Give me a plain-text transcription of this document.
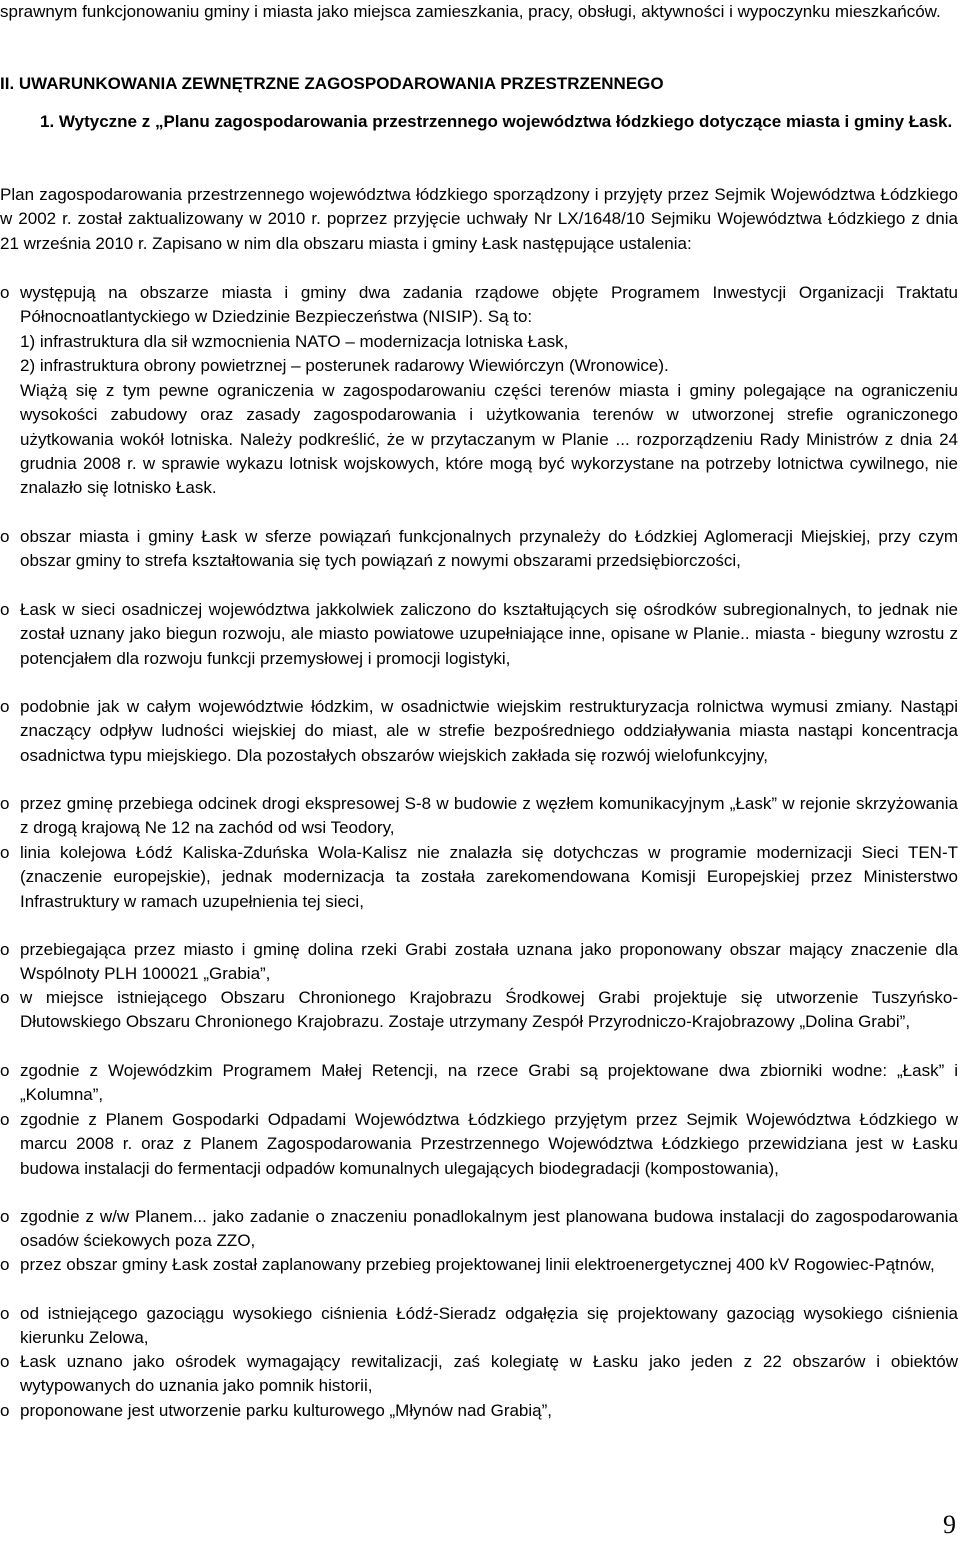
sprawnym funkcjonowaniu gminy i miasta jako miejsca zamieszkania, pracy, obsługi, aktywności i wypoczynku mieszkańców.

II. UWARUNKOWANIA ZEWNĘTRZNE ZAGOSPODAROWANIA PRZESTRZENNEGO

1. Wytyczne z „Planu zagospodarowania przestrzennego województwa łódzkiego dotyczące miasta i gminy Łask.

Plan zagospodarowania przestrzennego województwa łódzkiego sporządzony i przyjęty przez Sejmik Województwa Łódzkiego w 2002 r. został zaktualizowany w 2010 r. poprzez przyjęcie uchwały Nr LX/1648/10 Sejmiku Województwa Łódzkiego z dnia 21 września 2010 r. Zapisano w nim dla obszaru miasta i gminy Łask następujące ustalenia:

o występują na obszarze miasta i gminy dwa zadania rządowe objęte Programem Inwestycji Organizacji Traktatu Północnoatlantyckiego w Dziedzinie Bezpieczeństwa (NISIP). Są to:
1) infrastruktura dla sił wzmocnienia NATO – modernizacja lotniska Łask,
2) infrastruktura obrony powietrznej – posterunek radarowy Wiewiórczyn (Wronowice).
Wiążą się z tym pewne ograniczenia w zagospodarowaniu części terenów miasta i gminy polegające na ograniczeniu wysokości zabudowy oraz zasady zagospodarowania i użytkowania terenów w utworzonej strefie ograniczonego użytkowania wokół lotniska. Należy podkreślić, że w przytaczanym w Planie ... rozporządzeniu Rady Ministrów z dnia 24 grudnia 2008 r. w sprawie wykazu lotnisk wojskowych, które mogą być wykorzystane na potrzeby lotnictwa cywilnego, nie znalazło się lotnisko Łask.
o obszar miasta i gminy Łask w sferze powiązań funkcjonalnych przynależy do Łódzkiej Aglomeracji Miejskiej, przy czym obszar gminy to strefa kształtowania się tych powiązań z nowymi obszarami przedsiębiorczości,
o Łask w sieci osadniczej województwa jakkolwiek zaliczono do kształtujących się ośrodków subregionalnych, to jednak nie został uznany jako biegun rozwoju, ale miasto powiatowe uzupełniające inne, opisane w Planie.. miasta - bieguny wzrostu z potencjałem dla rozwoju funkcji przemysłowej i promocji logistyki,
o podobnie jak w całym województwie łódzkim, w osadnictwie wiejskim restrukturyzacja rolnictwa wymusi zmiany. Nastąpi znaczący odpływ ludności wiejskiej do miast, ale w strefie bezpośredniego oddziaływania miasta nastąpi koncentracja osadnictwa typu miejskiego. Dla pozostałych obszarów wiejskich zakłada się rozwój wielofunkcyjny,
o przez gminę przebiega odcinek drogi ekspresowej S-8 w budowie z węzłem komunikacyjnym „Łask” w rejonie skrzyżowania z drogą krajową Ne 12 na zachód od wsi Teodory,
o linia kolejowa Łódź Kaliska-Zduńska Wola-Kalisz nie znalazła się dotychczas w programie modernizacji Sieci TEN-T (znaczenie europejskie), jednak modernizacja ta została zarekomendowana Komisji Europejskiej przez Ministerstwo Infrastruktury w ramach uzupełnienia tej sieci,
o przebiegająca przez miasto i gminę dolina rzeki Grabi została uznana jako proponowany obszar mający znaczenie dla Wspólnoty PLH 100021 „Grabia”,
o w miejsce istniejącego Obszaru Chronionego Krajobrazu Środkowej Grabi projektuje się utworzenie Tuszyńsko-Dłutowskiego Obszaru Chronionego Krajobrazu. Zostaje utrzymany Zespół Przyrodniczo-Krajobrazowy „Dolina Grabi”,
o zgodnie z Wojewódzkim Programem Małej Retencji, na rzece Grabi są projektowane dwa zbiorniki wodne: „Łask” i „Kolumna”,
o zgodnie z Planem Gospodarki Odpadami Województwa Łódzkiego przyjętym przez Sejmik Województwa Łódzkiego w marcu 2008 r. oraz z Planem Zagospodarowania Przestrzennego Województwa Łódzkiego przewidziana jest w Łasku budowa instalacji do fermentacji odpadów komunalnych ulegających biodegradacji (kompostowania),
o zgodnie z w/w Planem... jako zadanie o znaczeniu ponadlokalnym jest planowana budowa instalacji do zagospodarowania osadów ściekowych poza ZZO,
o przez obszar gminy Łask został zaplanowany przebieg projektowanej linii elektroenergetycznej 400 kV Rogowiec-Pątnów,
o od istniejącego gazociągu wysokiego ciśnienia Łódź-Sieradz odgałęzia się projektowany gazociąg wysokiego ciśnienia kierunku Zelowa,
o Łask uznano jako ośrodek wymagający rewitalizacji, zaś kolegiatę w Łasku jako jeden z 22 obszarów i obiektów wytypowanych do uznania jako pomnik historii,
o proponowane jest utworzenie parku kulturowego „Młynów nad Grabią”,
9
